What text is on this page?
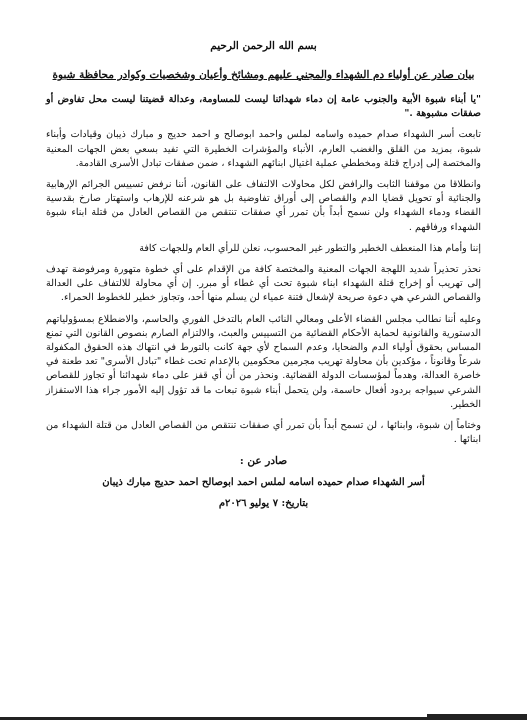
بسم الله الرحمن الرحيم
بيان صادر عن أولياء دم الشهداء والمجني عليهم ومشائخ وأعيان وشخصيات وكوادر محافظة شبوة

"يا أبناء شبوة الأبية والجنوب عامة إن دماء شهدائنا ليست للمساومة، وعدالة قضيتنا ليست محل تفاوض أو صفقات مشبوهة ."

تابعت أسر الشهداء صدام حميده واسامه لملس واحمد ابوصالح و احمد حديج و مبارك ذيبان وقيادات وأبناء شبوة، بمزيد من القلق والغضب العارم، الأنباء والمؤشرات الخطيرة التي تفيد بسعي بعض الجهات المعنية والمختصة إلى إدراج قتلة ومخططي عملية اغتيال ابنائهم الشهداء ، ضمن صفقات تبادل الأسرى القادمة.

وانطلاقا من موقفنا الثابت والرافض لكل محاولات الالتفاف على القانون، أننا نرفض تسييس الجرائم الإرهابية والجنائية أو تحويل قضايا الدم والقصاص إلى أوراق تفاوضية بل هو شرعنه للإرهاب واستهتار صارخ بقدسية القضاء ودماء الشهداء ولن نسمح أبداً بأن تمرر أي صفقات تنتقص من القصاص العادل من قتلة ابناء شبوة الشهداء ورفاقهم .

إننا وأمام هذا المنعطف الخطير والتطور غير المحسوب، نعلن للرأي العام وللجهات كافة

نحذر تحذيراً شديد اللهجة الجهات المعنية والمختصة كافة من الإقدام على أي خطوة متهورة ومرفوضة تهدف إلى تهريب أو إخراج قتلة الشهداء ابناء شبوة تحت أي غطاء أو مبرر. إن أي محاولة للالتفاف على العدالة والقصاص الشرعي هي دعوة صريحة لإشعال فتنة عمياء لن يسلم منها أحد، وتجاوز خطير للخطوط الحمراء.

وعليه أننا نطالب مجلس القضاء الأعلى ومعالي النائب العام بالتدخل الفوري والحاسم، والاضطلاع بمسؤولياتهم الدستورية والقانونية لحماية الأحكام القضائية من التسييس والعبث، والالتزام الصارم بنصوص القانون التي تمنع المساس بحقوق أولياء الدم والضحايا، وعدم السماح لأي جهة كانت بالتورط في انتهاك هذه الحقوق المكفولة شرعاً وقانوناً ، مؤكدين بأن محاولة تهريب مجرمين محكومين بالإعدام تحت غطاء "تبادل الأسرى" تعد طعنة في خاصرة العدالة، وهدماً لمؤسسات الدولة القضائية. ونحذر من أن أي قفز على دماء شهدائنا أو تجاوز للقصاص الشرعي سيواجه بردود أفعال حاسمة، ولن يتحمل أبناء شبوة تبعات ما قد تؤول إليه الأمور جراء هذا الاستفزاز الخطير.

وختاماً إن شبوة، وابنائها ، لن تسمح أبداً بأن تمرر أي صفقات تنتقص من القصاص العادل من قتلة الشهداء من ابنائها .

صادر عن :
أسر الشهداء صدام حميده اسامه لملس احمد ابوصالح احمد حديج مبارك ذيبان
بتاريخ: ٧ يوليو ٢٠٢٦م
